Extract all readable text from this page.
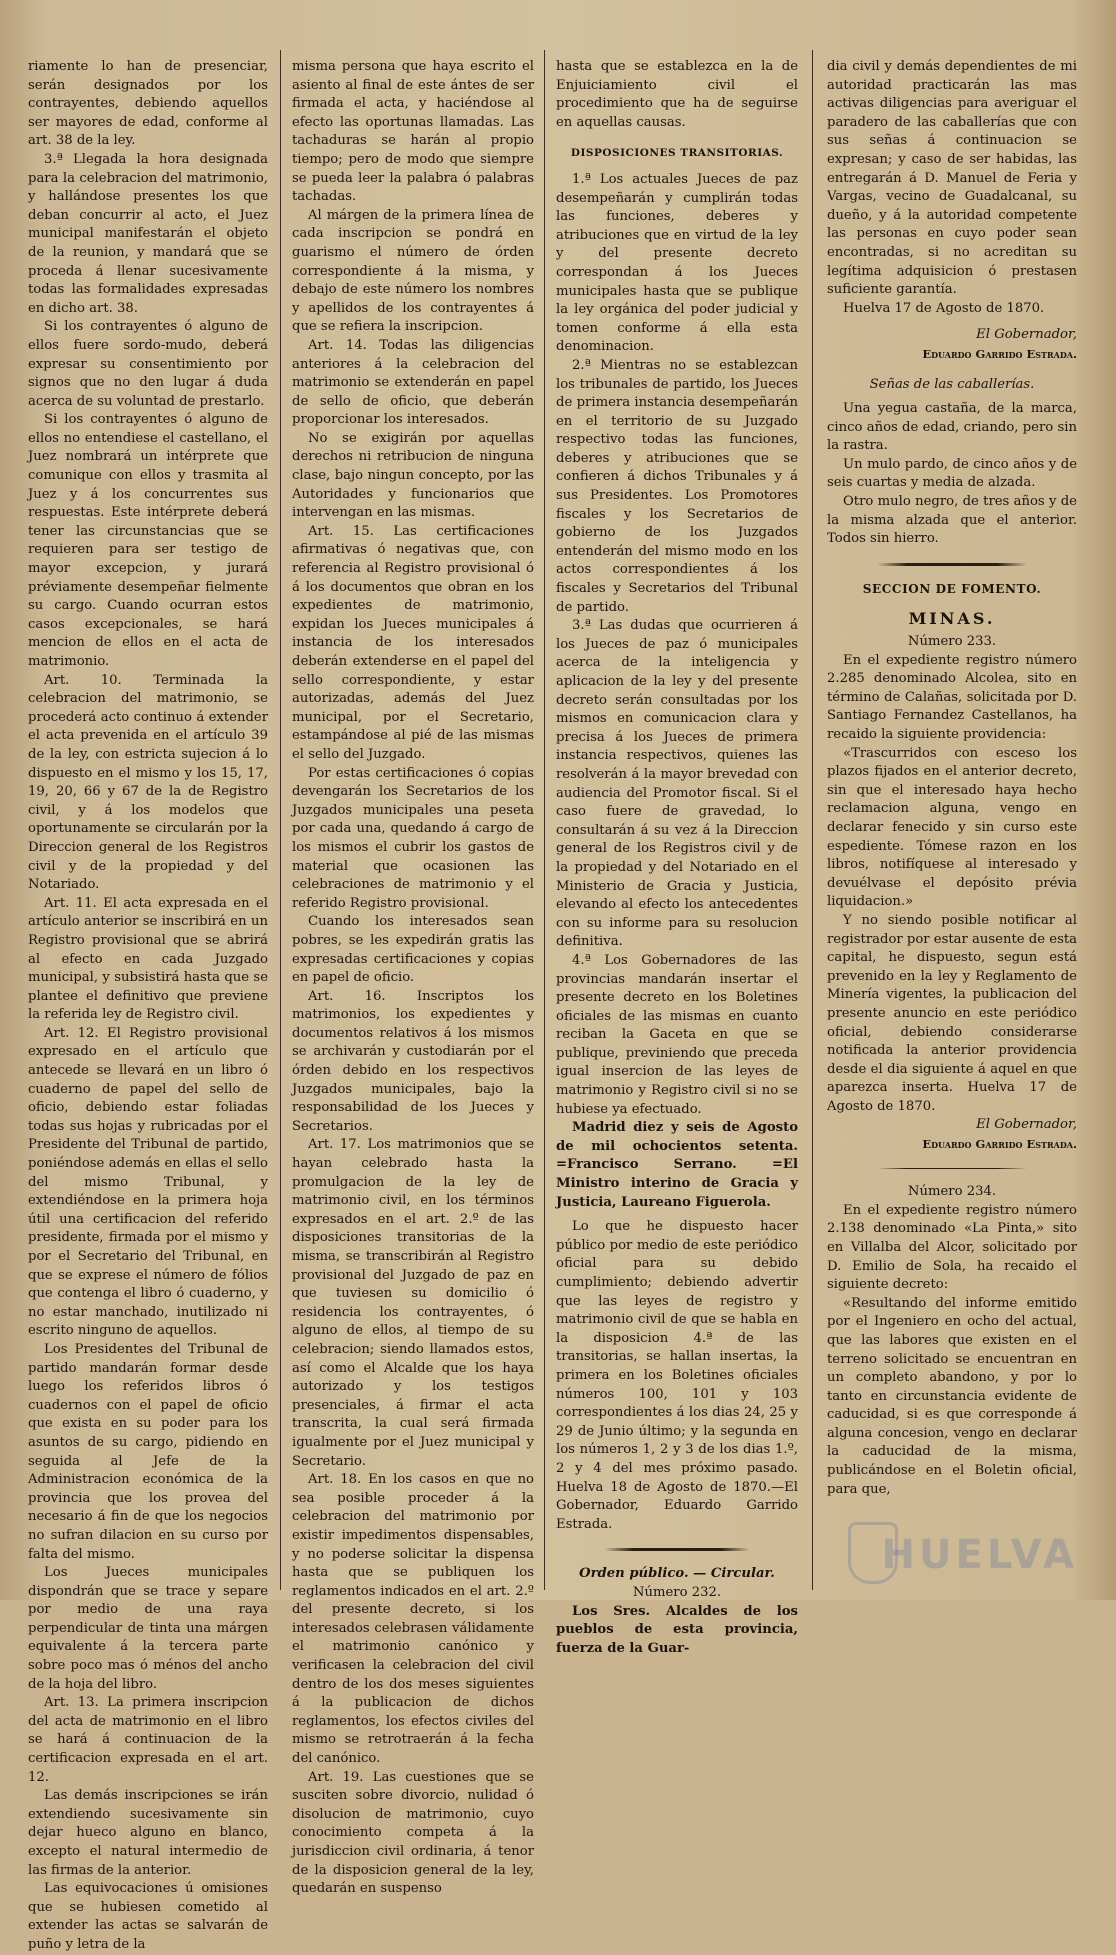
riamente lo han de presenciar, serán designados por los contrayentes, debiendo aquellos ser mayores de edad, conforme al art. 38 de la ley.

3.ª Llegada la hora designada para la celebracion del matrimonio, y hallándose presentes los que deban concurrir al acto, el Juez municipal manifestarán el objeto de la reunion, y mandará que se proceda á llenar sucesivamente todas las formalidades expresadas en dicho art. 38.

Si los contrayentes ó alguno de ellos fuere sordo-mudo, deberá expresar su consentimiento por signos que no den lugar á duda acerca de su voluntad de prestarlo.

Si los contrayentes ó alguno de ellos no entendiese el castellano, el Juez nombrará un intérprete que comunique con ellos y trasmita al Juez y á los concurrentes sus respuestas. Este intérprete deberá tener las circunstancias que se requieren para ser testigo de mayor excepcion, y jurará préviamente desempeñar fielmente su cargo. Cuando ocurran estos casos excepcionales, se hará mencion de ellos en el acta de matrimonio.

Art. 10. Terminada la celebracion del matrimonio, se procederá acto continuo á extender el acta prevenida en el artículo 39 de la ley, con estricta sujecion á lo dispuesto en el mismo y los 15, 17, 19, 20, 66 y 67 de la de Registro civil, y á los modelos que oportunamente se circularán por la Direccion general de los Registros civil y de la propiedad y del Notariado.

Art. 11. El acta expresada en el artículo anterior se inscribirá en un Registro provisional que se abrirá al efecto en cada Juzgado municipal, y subsistirá hasta que se plantee el definitivo que previene la referida ley de Registro civil.

Art. 12. El Registro provisional expresado en el artículo que antecede se llevará en un libro ó cuaderno de papel del sello de oficio, debiendo estar foliadas todas sus hojas y rubricadas por el Presidente del Tribunal de partido, poniéndose además en ellas el sello del mismo Tribunal, y extendiéndose en la primera hoja útil una certificacion del referido presidente, firmada por el mismo y por el Secretario del Tribunal, en que se exprese el número de fólios que contenga el libro ó cuaderno, y no estar manchado, inutilizado ni escrito ninguno de aquellos.

Los Presidentes del Tribunal de partido mandarán formar desde luego los referidos libros ó cuadernos con el papel de oficio que exista en su poder para los asuntos de su cargo, pidiendo en seguida al Jefe de la Administracion económica de la provincia que los provea del necesario á fin de que los negocios no sufran dilacion en su curso por falta del mismo.

Los Jueces municipales dispondrán que se trace y separe por medio de una raya perpendicular de tinta una márgen equivalente á la tercera parte sobre poco mas ó ménos del ancho de la hoja del libro.

Art. 13. La primera inscripcion del acta de matrimonio en el libro se hará á continuacion de la certificacion expresada en el art. 12.

Las demás inscripciones se irán extendiendo sucesivamente sin dejar hueco alguno en blanco, excepto el natural intermedio de las firmas de la anterior.

Las equivocaciones ú omisiones que se hubiesen cometido al extender las actas se salvarán de puño y letra de la

misma persona que haya escrito el asiento al final de este ántes de ser firmada el acta, y haciéndose al efecto las oportunas llamadas. Las tachaduras se harán al propio tiempo; pero de modo que siempre se pueda leer la palabra ó palabras tachadas.

Al márgen de la primera línea de cada inscripcion se pondrá en guarismo el número de órden correspondiente á la misma, y debajo de este número los nombres y apellidos de los contrayentes á que se refiera la inscripcion.

Art. 14. Todas las diligencias anteriores á la celebracion del matrimonio se extenderán en papel de sello de oficio, que deberán proporcionar los interesados.

No se exigirán por aquellas derechos ni retribucion de ninguna clase, bajo ningun concepto, por las Autoridades y funcionarios que intervengan en las mismas.

Art. 15. Las certificaciones afirmativas ó negativas que, con referencia al Registro provisional ó á los documentos que obran en los expedientes de matrimonio, expidan los Jueces municipales á instancia de los interesados deberán extenderse en el papel del sello correspondiente, y estar autorizadas, además del Juez municipal, por el Secretario, estampándose al pié de las mismas el sello del Juzgado.

Por estas certificaciones ó copias devengarán los Secretarios de los Juzgados municipales una peseta por cada una, quedando á cargo de los mismos el cubrir los gastos de material que ocasionen las celebraciones de matrimonio y el referido Registro provisional.

Cuando los interesados sean pobres, se les expedirán gratis las expresadas certificaciones y copias en papel de oficio.

Art. 16. Inscriptos los matrimonios, los expedientes y documentos relativos á los mismos se archivarán y custodiarán por el órden debido en los respectivos Juzgados municipales, bajo la responsabilidad de los Jueces y Secretarios.

Art. 17. Los matrimonios que se hayan celebrado hasta la promulgacion de la ley de matrimonio civil, en los términos expresados en el art. 2.º de las disposiciones transitorias de la misma, se transcribirán al Registro provisional del Juzgado de paz en que tuviesen su domicilio ó residencia los contrayentes, ó alguno de ellos, al tiempo de su celebracion; siendo llamados estos, así como el Alcalde que los haya autorizado y los testigos presenciales, á firmar el acta transcrita, la cual será firmada igualmente por el Juez municipal y Secretario.

Art. 18. En los casos en que no sea posible proceder á la celebracion del matrimonio por existir impedimentos dispensables, y no poderse solicitar la dispensa hasta que se publiquen los reglamentos indicados en el art. 2.º del presente decreto, si los interesados celebrasen válidamente el matrimonio canónico y verificasen la celebracion del civil dentro de los dos meses siguientes á la publicacion de dichos reglamentos, los efectos civiles del mismo se retrotraerán á la fecha del canónico.

Art. 19. Las cuestiones que se susciten sobre divorcio, nulidad ó disolucion de matrimonio, cuyo conocimiento competa á la jurisdiccion civil ordinaria, á tenor de la disposicion general de la ley, quedarán en suspenso

hasta que se establezca en la de Enjuiciamiento civil el procedimiento que ha de seguirse en aquellas causas.

DISPOSICIONES TRANSITORIAS.

1.ª Los actuales Jueces de paz desempeñarán y cumplirán todas las funciones, deberes y atribuciones que en virtud de la ley y del presente decreto correspondan á los Jueces municipales hasta que se publique la ley orgánica del poder judicial y tomen conforme á ella esta denominacion.

2.ª Mientras no se establezcan los tribunales de partido, los Jueces de primera instancia desempeñarán en el territorio de su Juzgado respectivo todas las funciones, deberes y atribuciones que se confieren á dichos Tribunales y á sus Presidentes. Los Promotores fiscales y los Secretarios de gobierno de los Juzgados entenderán del mismo modo en los actos correspondientes á los fiscales y Secretarios del Tribunal de partido.

3.ª Las dudas que ocurrieren á los Jueces de paz ó municipales acerca de la inteligencia y aplicacion de la ley y del presente decreto serán consultadas por los mismos en comunicacion clara y precisa á los Jueces de primera instancia respectivos, quienes las resolverán á la mayor brevedad con audiencia del Promotor fiscal. Si el caso fuere de gravedad, lo consultarán á su vez á la Direccion general de los Registros civil y de la propiedad y del Notariado en el Ministerio de Gracia y Justicia, elevando al efecto los antecedentes con su informe para su resolucion definitiva.

4.ª Los Gobernadores de las provincias mandarán insertar el presente decreto en los Boletines oficiales de las mismas en cuanto reciban la Gaceta en que se publique, previniendo que preceda igual insercion de las leyes de matrimonio y Registro civil si no se hubiese ya efectuado.

Madrid diez y seis de Agosto de mil ochocientos setenta. =Francisco Serrano. =El Ministro interino de Gracia y Justicia, Laureano Figuerola.

Lo que he dispuesto hacer público por medio de este periódico oficial para su debido cumplimiento; debiendo advertir que las leyes de registro y matrimonio civil de que se habla en la disposicion 4.ª de las transitorias, se hallan insertas, la primera en los Boletines oficiales números 100, 101 y 103 correspondientes á los dias 24, 25 y 29 de Junio último; y la segunda en los números 1, 2 y 3 de los dias 1.º, 2 y 4 del mes próximo pasado. Huelva 18 de Agosto de 1870.—El Gobernador, Eduardo Garrido Estrada.

Orden público. — Circular.

Número 232.

Los Sres. Alcaldes de los pueblos de esta provincia, fuerza de la Guar-

dia civil y demás dependientes de mi autoridad practicarán las mas activas diligencias para averiguar el paradero de las caballerías que con sus señas á continuacion se expresan; y caso de ser habidas, las entregarán á D. Manuel de Feria y Vargas, vecino de Guadalcanal, su dueño, y á la autoridad competente las personas en cuyo poder sean encontradas, si no acreditan su legítima adquisicion ó prestasen suficiente garantía.

Huelva 17 de Agosto de 1870.

El Gobernador,

Eduardo Garrido Estrada.

Señas de las caballerías.

Una yegua castaña, de la marca, cinco años de edad, criando, pero sin la rastra.

Un mulo pardo, de cinco años y de seis cuartas y media de alzada.

Otro mulo negro, de tres años y de la misma alzada que el anterior. Todos sin hierro.

SECCION DE FOMENTO.

MINAS.

Número 233.

En el expediente registro número 2.285 denominado Alcolea, sito en término de Calañas, solicitada por D. Santiago Fernandez Castellanos, ha recaido la siguiente providencia:

«Trascurridos con esceso los plazos fijados en el anterior decreto, sin que el interesado haya hecho reclamacion alguna, vengo en declarar fenecido y sin curso este espediente. Tómese razon en los libros, notifíquese al interesado y devuélvase el depósito prévia liquidacion.»

Y no siendo posible notificar al registrador por estar ausente de esta capital, he dispuesto, segun está prevenido en la ley y Reglamento de Minería vigentes, la publicacion del presente anuncio en este periódico oficial, debiendo considerarse notificada la anterior providencia desde el dia siguiente á aquel en que aparezca inserta. Huelva 17 de Agosto de 1870.

El Gobernador,

Eduardo Garrido Estrada.

Número 234.

En el expediente registro número 2.138 denominado «La Pinta,» sito en Villalba del Alcor, solicitado por D. Emilio de Sola, ha recaido el siguiente decreto:

«Resultando del informe emitido por el Ingeniero en ocho del actual, que las labores que existen en el terreno solicitado se encuentran en un completo abandono, y por lo tanto en circunstancia evidente de caducidad, si es que corresponde á alguna concesion, vengo en declarar la caducidad de la misma, publicándose en el Boletin oficial, para que,

HUELVA
